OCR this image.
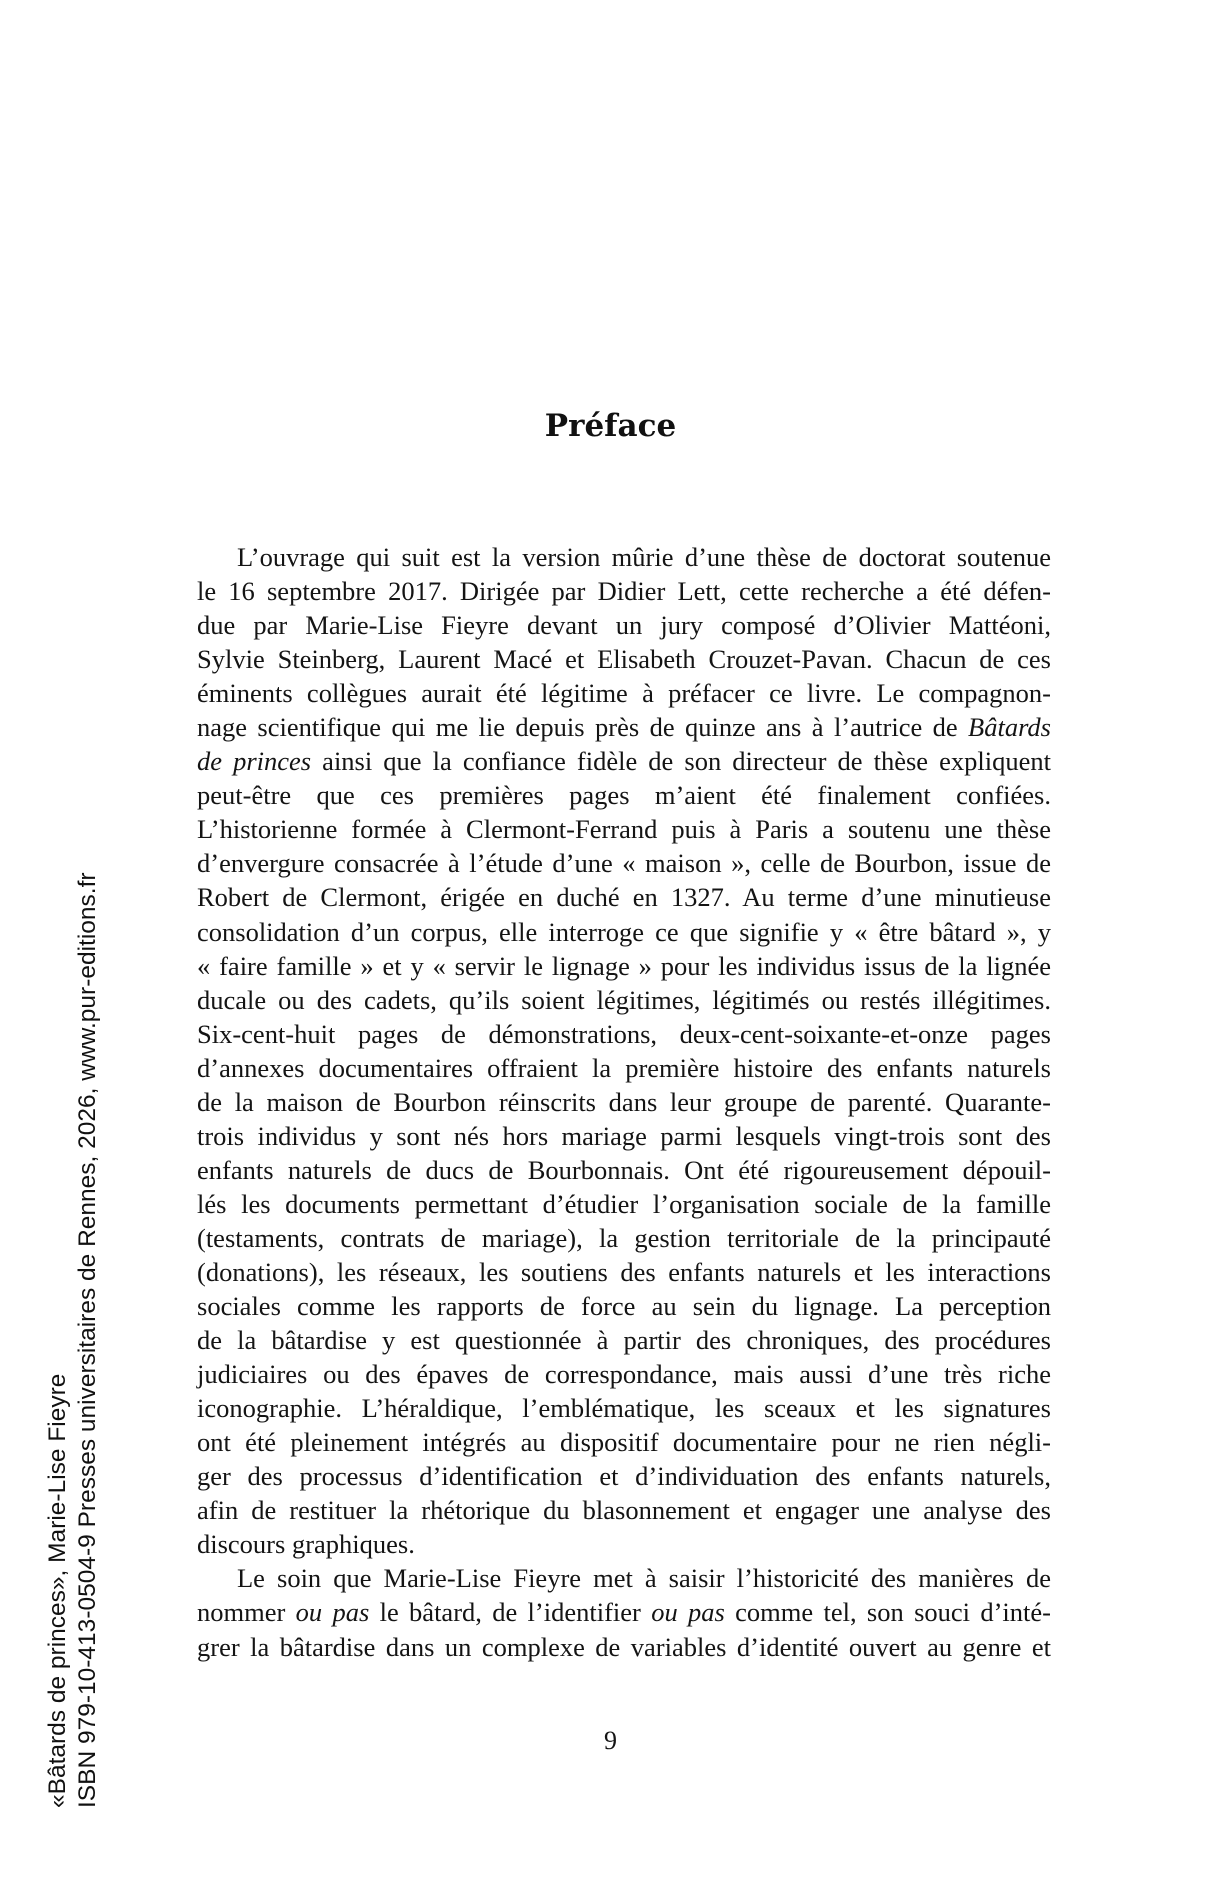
Préface
L’ouvrage qui suit est la version mûrie d’une thèse de doctorat soutenue
le 16 septembre 2017. Dirigée par Didier Lett, cette recherche a été défen-
due par Marie-Lise Fieyre devant un jury composé d’Olivier Mattéoni,
Sylvie Steinberg, Laurent Macé et Elisabeth Crouzet-Pavan. Chacun de ces
éminents collègues aurait été légitime à préfacer ce livre. Le compagnon-
nage scientifique qui me lie depuis près de quinze ans à l’autrice de Bâtards
de princes ainsi que la confiance fidèle de son directeur de thèse expliquent
peut-être que ces premières pages m’aient été finalement confiées.
L’historienne formée à Clermont-Ferrand puis à Paris a soutenu une thèse
d’envergure consacrée à l’étude d’une « maison », celle de Bourbon, issue de
Robert de Clermont, érigée en duché en 1327. Au terme d’une minutieuse
consolidation d’un corpus, elle interroge ce que signifie y « être bâtard », y
« faire famille » et y « servir le lignage » pour les individus issus de la lignée
ducale ou des cadets, qu’ils soient légitimes, légitimés ou restés illégitimes.
Six-cent-huit pages de démonstrations, deux-cent-soixante-et-onze pages
d’annexes documentaires offraient la première histoire des enfants naturels
de la maison de Bourbon réinscrits dans leur groupe de parenté. Quarante-
trois individus y sont nés hors mariage parmi lesquels vingt-trois sont des
enfants naturels de ducs de Bourbonnais. Ont été rigoureusement dépouil-
lés les documents permettant d’étudier l’organisation sociale de la famille
(testaments, contrats de mariage), la gestion territoriale de la principauté
(donations), les réseaux, les soutiens des enfants naturels et les interactions
sociales comme les rapports de force au sein du lignage. La perception
de la bâtardise y est questionnée à partir des chroniques, des procédures
judiciaires ou des épaves de correspondance, mais aussi d’une très riche
iconographie. L’héraldique, l’emblématique, les sceaux et les signatures
ont été pleinement intégrés au dispositif documentaire pour ne rien négli-
ger des processus d’identification et d’individuation des enfants naturels,
afin de restituer la rhétorique du blasonnement et engager une analyse des
discours graphiques.
Le soin que Marie-Lise Fieyre met à saisir l’historicité des manières de
nommer ou pas le bâtard, de l’identifier ou pas comme tel, son souci d’inté-
grer la bâtardise dans un complexe de variables d’identité ouvert au genre et
9
«Bâtards de princes», Marie-Lise Fieyre ISBN 979-10-413-0504-9 Presses universitaires de Rennes, 2026, www.pur-editions.fr
